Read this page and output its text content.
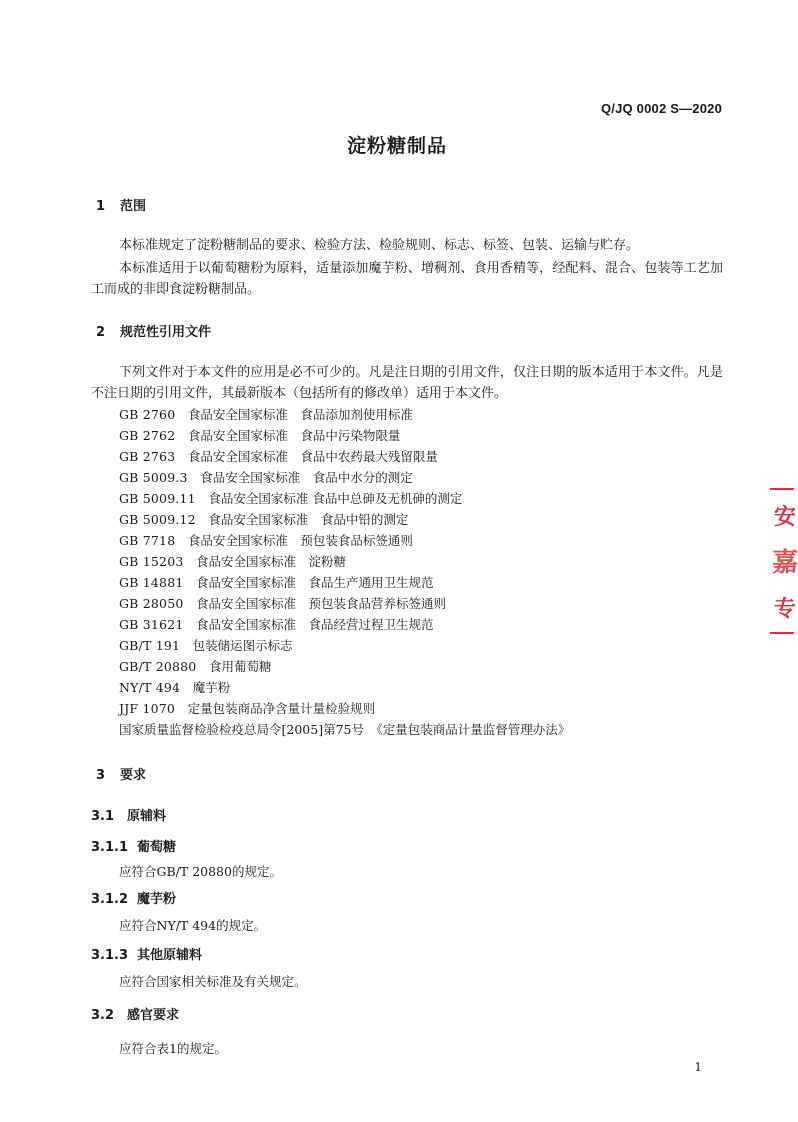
Q/JQ 0002 S—2020
淀粉糖制品
1 范围
本标准规定了淀粉糖制品的要求、检验方法、检验规则、标志、标签、包装、运输与贮存。
本标准适用于以葡萄糖粉为原料，适量添加魔芋粉、增稠剂、食用香精等，经配料、混合、包装等工艺加工而成的非即食淀粉糖制品。
2 规范性引用文件
下列文件对于本文件的应用是必不可少的。凡是注日期的引用文件，仅注日期的版本适用于本文件。凡是不注日期的引用文件，其最新版本（包括所有的修改单）适用于本文件。
GB 2760　 食品安全国家标准　食品添加剂使用标准
GB 2762　 食品安全国家标准　食品中污染物限量
GB 2763　 食品安全国家标准　食品中农药最大残留限量
GB 5009.3　 食品安全国家标准　食品中水分的测定
GB 5009.11　 食品安全国家标准 食品中总砷及无机砷的测定
GB 5009.12　 食品安全国家标准　食品中铅的测定
GB 7718　 食品安全国家标准　预包装食品标签通则
GB 15203　 食品安全国家标准　淀粉糖
GB 14881　 食品安全国家标准　食品生产通用卫生规范
GB 28050　 食品安全国家标准　预包装食品营养标签通则
GB 31621　 食品安全国家标准　食品经营过程卫生规范
GB/T 191　 包装储运图示标志
GB/T 20880　 食用葡萄糖
NY/T 494　 魔芋粉
JJF 1070　 定量包装商品净含量计量检验规则
国家质量监督检验检疫总局令[2005]第75号　 《定量包装商品计量监督管理办法》
3 要求
3.1 原辅料
3.1.1 葡萄糖
应符合GB/T 20880的规定。
3.1.2 魔芋粉
应符合NY/T 494的规定。
3.1.3 其他原辅料
应符合国家相关标准及有关规定。
3.2 感官要求
应符合表1的规定。
1
安
嘉
专
